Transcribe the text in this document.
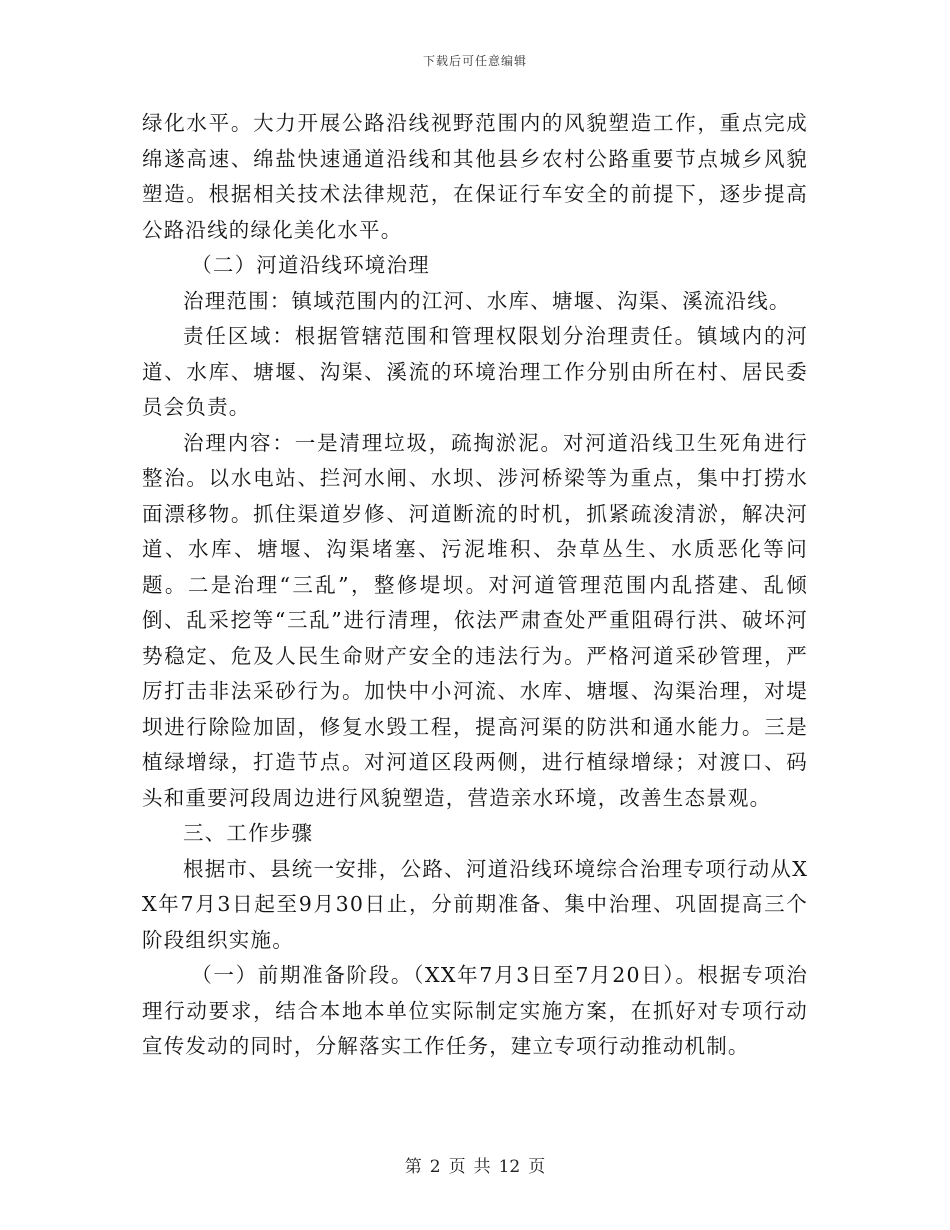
下载后可任意编辑

绿化水平。大力开展公路沿线视野范围内的风貌塑造工作，重点完成绵遂高速、绵盐快速通道沿线和其他县乡农村公路重要节点城乡风貌塑造。根据相关技术法律规范，在保证行车安全的前提下，逐步提高公路沿线的绿化美化水平。

（二）河道沿线环境治理

治理范围：镇域范围内的江河、水库、塘堰、沟渠、溪流沿线。

责任区域：根据管辖范围和管理权限划分治理责任。镇域内的河道、水库、塘堰、沟渠、溪流的环境治理工作分别由所在村、居民委员会负责。

治理内容：一是清理垃圾，疏掏淤泥。对河道沿线卫生死角进行整治。以水电站、拦河水闸、水坝、涉河桥梁等为重点，集中打捞水面漂移物。抓住渠道岁修、河道断流的时机，抓紧疏浚清淤，解决河道、水库、塘堰、沟渠堵塞、污泥堆积、杂草丛生、水质恶化等问题。二是治理“三乱”，整修堤坝。对河道管理范围内乱搭建、乱倾倒、乱采挖等“三乱”进行清理，依法严肃查处严重阻碍行洪、破坏河势稳定、危及人民生命财产安全的违法行为。严格河道采砂管理，严厉打击非法采砂行为。加快中小河流、水库、塘堰、沟渠治理，对堤坝进行除险加固，修复水毁工程，提高河渠的防洪和通水能力。三是植绿增绿，打造节点。对河道区段两侧，进行植绿增绿；对渡口、码头和重要河段周边进行风貌塑造，营造亲水环境，改善生态景观。

三、工作步骤

根据市、县统一安排，公路、河道沿线环境综合治理专项行动从XX年7月3日起至9月30日止，分前期准备、集中治理、巩固提高三个阶段组织实施。

（一）前期准备阶段。（XX年7月3日至7月20日）。根据专项治理行动要求，结合本地本单位实际制定实施方案，在抓好对专项行动宣传发动的同时，分解落实工作任务，建立专项行动推动机制。

第 2 页 共 12 页
